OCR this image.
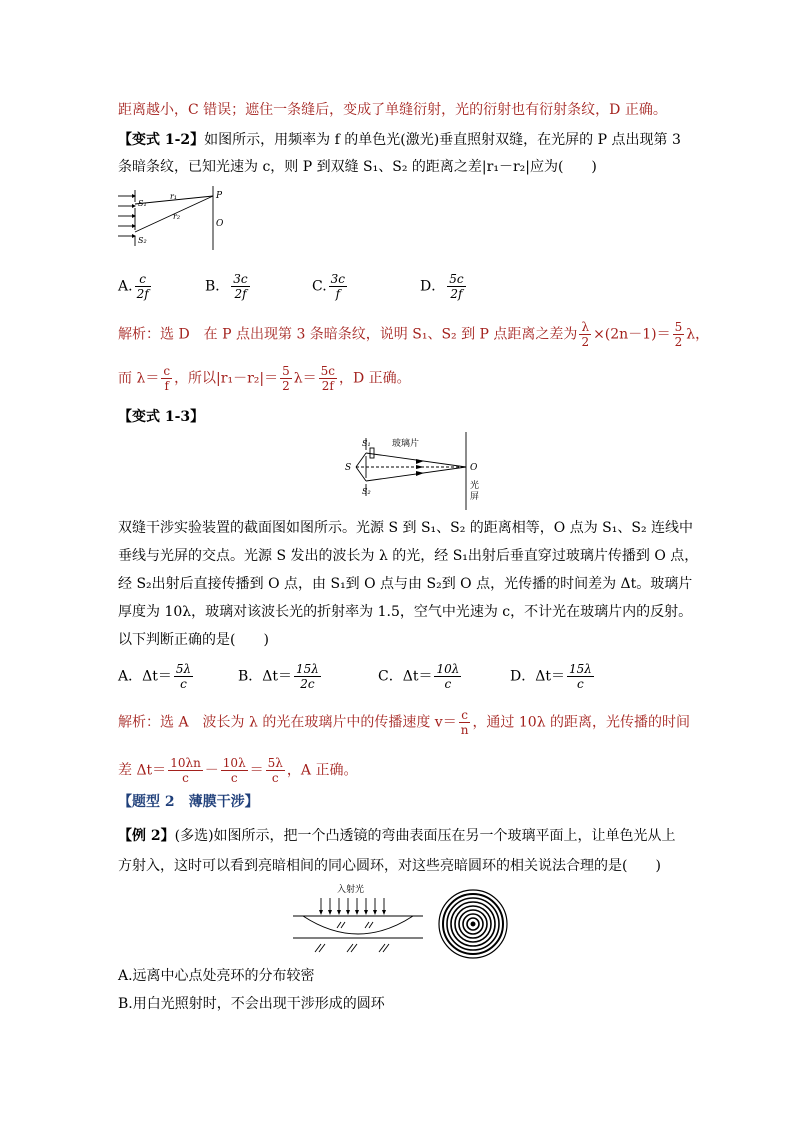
距离越小，C 错误；遮住一条缝后，变成了单缝衍射，光的衍射也有衍射条纹，D 正确。
【变式 1-2】如图所示，用频率为 f 的单色光(激光)垂直照射双缝，在光屏的 P 点出现第 3
条暗条纹，已知光速为 c，则 P 到双缝 S₁、S₂ 的距离之差|r₁－r₂|应为(　　)
S₁
S₂
r₁
r₂
P
O
A. $\frac{c}{2f}$	B． $\frac{3c}{2f}$	C. $\frac{3c}{f}$	D． $\frac{5c}{2f}$
解析：选 D　在 P 点出现第 3 条暗条纹，说明 S₁、S₂ 到 P 点距离之差为 $\frac{\lambda}{2} \times(2n-1)= \frac{5}{2}$ λ，
而 $\lambda= \frac{c}{f}$ ，所以$|r_1-r_2|= \frac{5}{2} \lambda= \frac{5c}{2f}$ ，D 正确。
【变式 1-3】
S₁
S₂
S
玻璃片
O
光
屏
双缝干涉实验装置的截面图如图所示。光源 S 到 S₁、S₂ 的距离相等，O 点为 S₁、S₂ 连线中
垂线与光屏的交点。光源 S 发出的波长为 λ 的光，经 S₁出射后垂直穿过玻璃片传播到 O 点，
经 S₂出射后直接传播到 O 点，由 S₁到 O 点与由 S₂到 O 点，光传播的时间差为 Δt。玻璃片
厚度为 10λ，玻璃对该波长光的折射率为 1.5，空气中光速为 c，不计光在玻璃片内的反射。
以下判断正确的是(　　)
A．$\Delta t= \frac{5\lambda}{c}$	B．$\Delta t= \frac{15\lambda}{2c}$	C．$\Delta t= \frac{10\lambda}{c}$	D．$\Delta t= \frac{15\lambda}{c}$
解析：选 A　波长为 λ 的光在玻璃片中的传播速度 $v= \frac{c}{n}$ ，通过 10λ 的距离，光传播的时间
差 $\Delta t= \frac{10\lambda n}{c} - \frac{10\lambda}{c} = \frac{5\lambda}{c}$ ，A 正确。
【题型 2　薄膜干涉】
【例 2】(多选)如图所示，把一个凸透镜的弯曲表面压在另一个玻璃平面上，让单色光从上
方射入，这时可以看到亮暗相间的同心圆环，对这些亮暗圆环的相关说法合理的是(　　)
入射光
A.远离中心点处亮环的分布较密
B.用白光照射时，不会出现干涉形成的圆环
